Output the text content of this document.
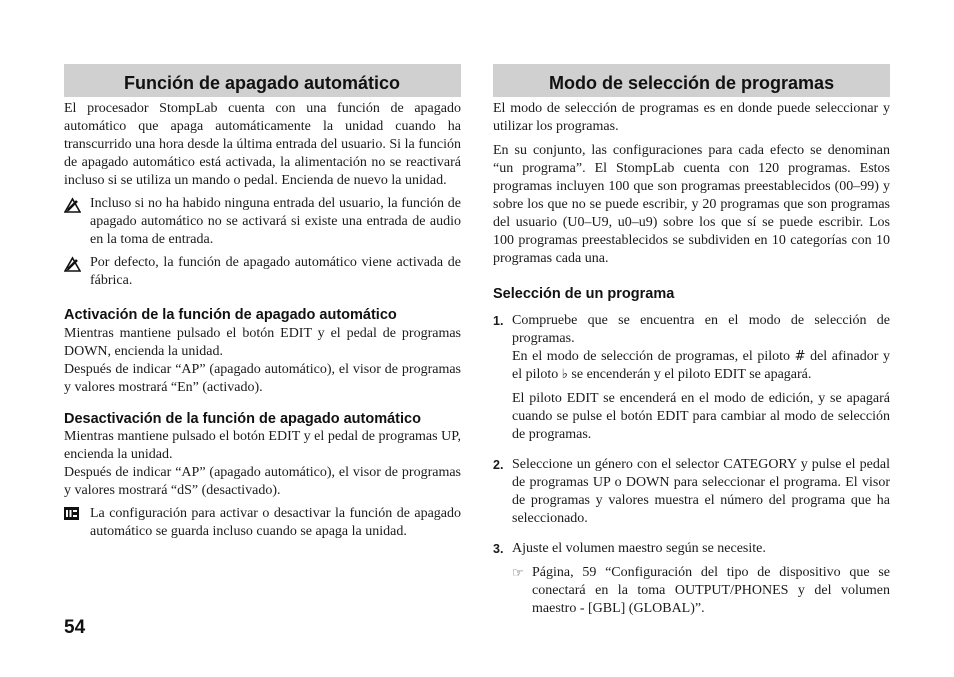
Función de apagado automático

El procesador StompLab cuenta con una función de apagado automático que apaga automáticamente la unidad cuando ha transcurrido una hora desde la última entrada del usuario. Si la función de apagado automático está activada, la alimentación no se reactivará incluso si se utiliza un mando o pedal. Encienda de nuevo la unidad.

Incluso si no ha habido ninguna entrada del usuario, la función de apagado automático no se activará si existe una entrada de audio en la toma de entrada.

Por defecto, la función de apagado automático viene activada de fábrica.

Activación de la función de apagado automático

Mientras mantiene pulsado el botón EDIT y el pedal de programas DOWN, encienda la unidad.

Después de indicar “AP” (apagado automático), el visor de programas y valores mostrará “En” (activado).

Desactivación de la función de apagado automático

Mientras mantiene pulsado el botón EDIT y el pedal de programas UP, encienda la unidad.

Después de indicar “AP” (apagado automático), el visor de programas y valores mostrará “dS” (desactivado).

La configuración para activar o desactivar la función de apagado automático se guarda incluso cuando se apaga la unidad.

Modo de selección de programas

El modo de selección de programas es en donde puede seleccionar y utilizar los programas.

En su conjunto, las configuraciones para cada efecto se denominan “un programa”. El StompLab cuenta con 120 programas. Estos programas incluyen 100 que son programas preestablecidos (00–99) y sobre los que no se puede escribir, y 20 programas que son programas del usuario (U0–U9, u0–u9) sobre los que sí se puede escribir. Los 100 programas preestablecidos se subdividen en 10 categorías con 10 programas cada una.

Selección de un programa
1. Compruebe que se encuentra en el modo de selección de programas.

En el modo de selección de programas, el piloto # del afinador y el piloto ♭ se encenderán y el piloto EDIT se apagará.

El piloto EDIT se encenderá en el modo de edición, y se apagará cuando se pulse el botón EDIT para cambiar al modo de selección de programas.

2. Seleccione un género con el selector CATEGORY y pulse el pedal de programas UP o DOWN para seleccionar el programa. El visor de programas y valores muestra el número del programa que ha seleccionado.

3. Ajuste el volumen maestro según se necesite.

☞ Página, 59 “Configuración del tipo de dispositivo que se conectará en la toma OUTPUT/PHONES y del volumen maestro - [GBL] (GLOBAL)”.

54
